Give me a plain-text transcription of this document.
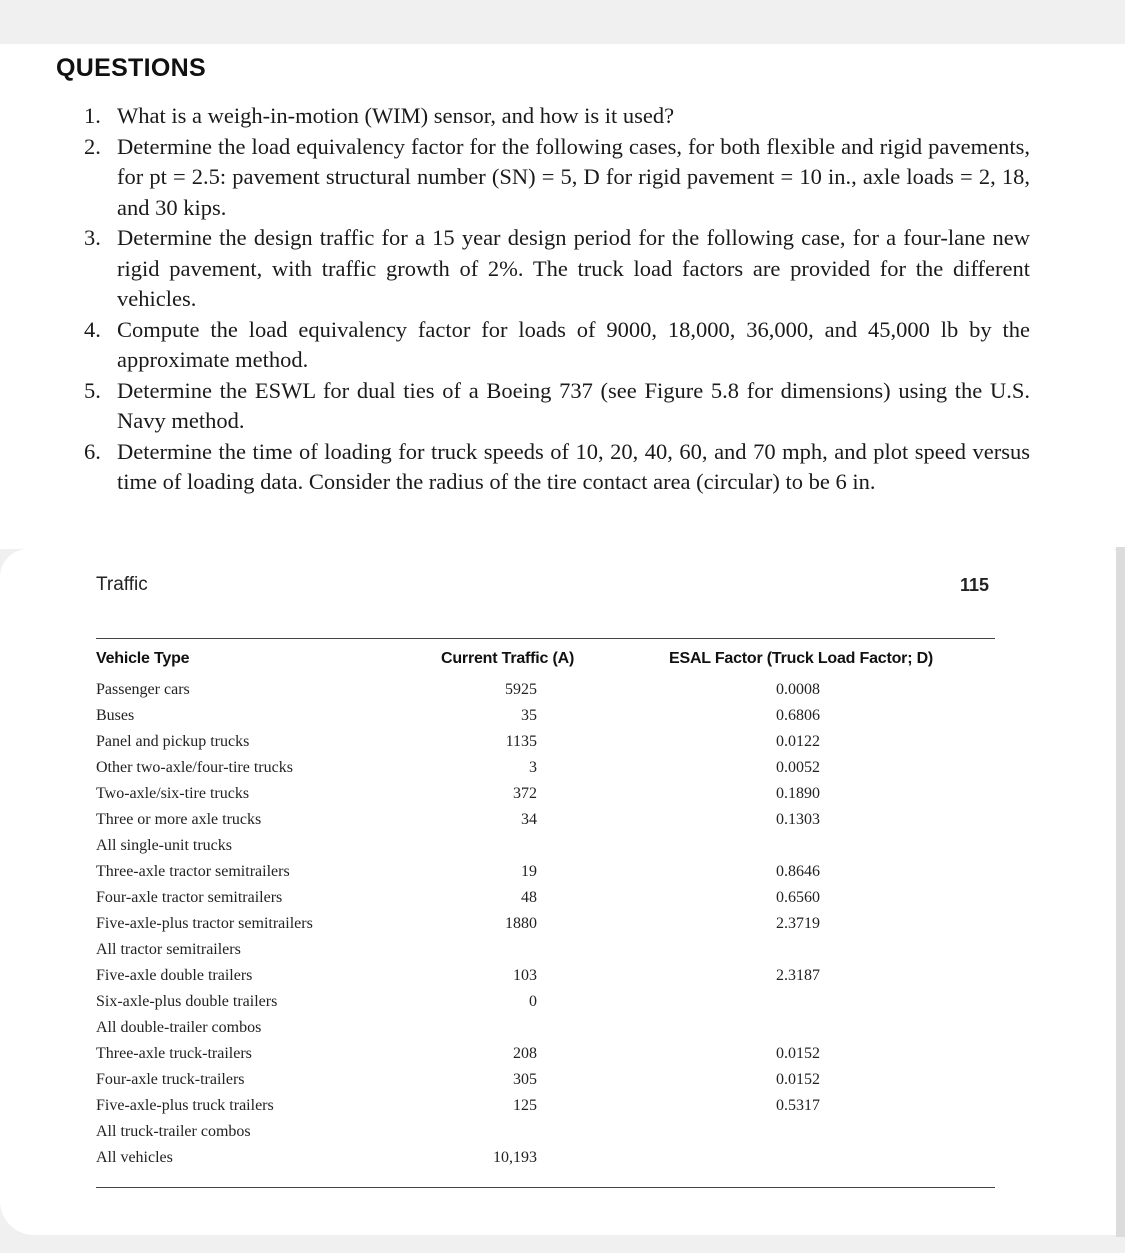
QUESTIONS
1. What is a weigh-in-motion (WIM) sensor, and how is it used?
2. Determine the load equivalency factor for the following cases, for both flexible and rigid pavements, for pt = 2.5: pavement structural number (SN) = 5, D for rigid pavement = 10 in., axle loads = 2, 18, and 30 kips.
3. Determine the design traffic for a 15 year design period for the following case, for a four-lane new rigid pavement, with traffic growth of 2%. The truck load factors are provided for the different vehicles.
4. Compute the load equivalency factor for loads of 9000, 18,000, 36,000, and 45,000 lb by the approximate method.
5. Determine the ESWL for dual ties of a Boeing 737 (see Figure 5.8 for dimensions) using the U.S. Navy method.
6. Determine the time of loading for truck speeds of 10, 20, 40, 60, and 70 mph, and plot speed versus time of loading data. Consider the radius of the tire contact area (circular) to be 6 in.
Traffic	115
Vehicle Type	Current Traffic (A)	ESAL Factor (Truck Load Factor; D)
Passenger cars	5925	0.0008
Buses	35	0.6806
Panel and pickup trucks	1135	0.0122
Other two-axle/four-tire trucks	3	0.0052
Two-axle/six-tire trucks	372	0.1890
Three or more axle trucks	34	0.1303
All single-unit trucks
Three-axle tractor semitrailers	19	0.8646
Four-axle tractor semitrailers	48	0.6560
Five-axle-plus tractor semitrailers	1880	2.3719
All tractor semitrailers
Five-axle double trailers	103	2.3187
Six-axle-plus double trailers	0
All double-trailer combos
Three-axle truck-trailers	208	0.0152
Four-axle truck-trailers	305	0.0152
Five-axle-plus truck trailers	125	0.5317
All truck-trailer combos
All vehicles	10,193
